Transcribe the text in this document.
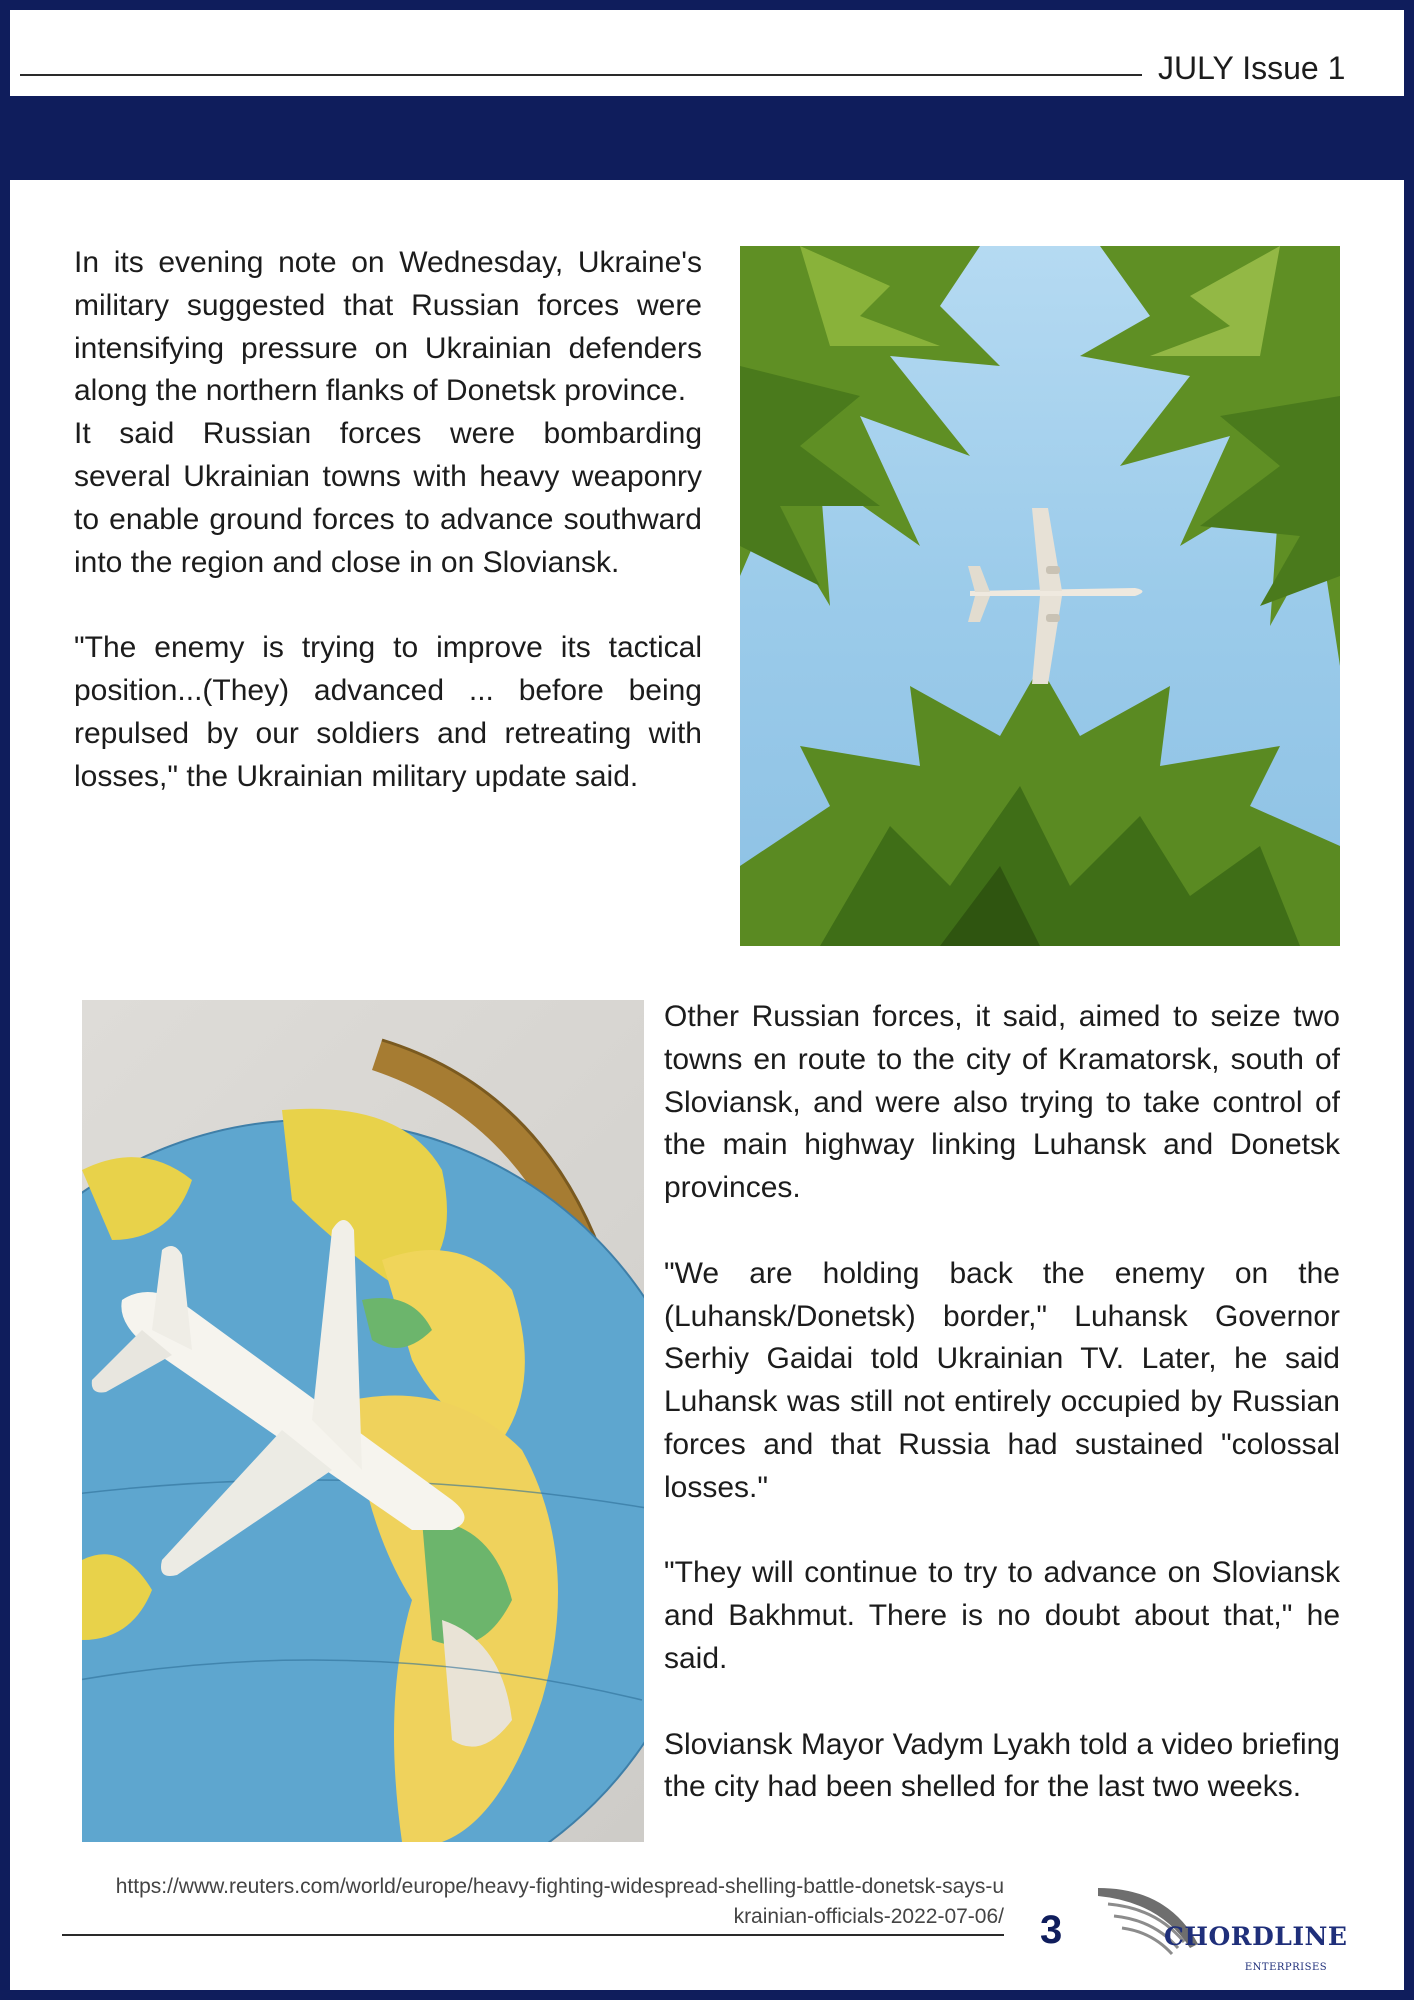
JULY Issue 1
In its evening note on Wednesday, Ukraine's military suggested that Russian forces were intensifying pressure on Ukrainian defenders along the northern flanks of Donetsk province.
It said Russian forces were bombarding several Ukrainian towns with heavy weaponry to enable ground forces to advance southward into the region and close in on Sloviansk.

"The enemy is trying to improve its tactical position...(They) advanced ... before being repulsed by our soldiers and retreating with losses," the Ukrainian military update said.
Other Russian forces, it said, aimed to seize two towns en route to the city of Kramatorsk, south of Sloviansk, and were also trying to take control of the main highway linking Luhansk and Donetsk provinces.

"We are holding back the enemy on the (Luhansk/Donetsk) border," Luhansk Governor Serhiy Gaidai told Ukrainian TV. Later, he said Luhansk was still not entirely occupied by Russian forces and that Russia had sustained "colossal losses."

"They will continue to try to advance on Sloviansk and Bakhmut. There is no doubt about that," he said.

Sloviansk Mayor Vadym Lyakh told a video briefing the city had been shelled for the last two weeks.
https://www.reuters.com/world/europe/heavy-fighting-widespread-shelling-battle-donetsk-says-ukrainian-officials-2022-07-06/ 3	CHORDLINE
ENTERPRISES
